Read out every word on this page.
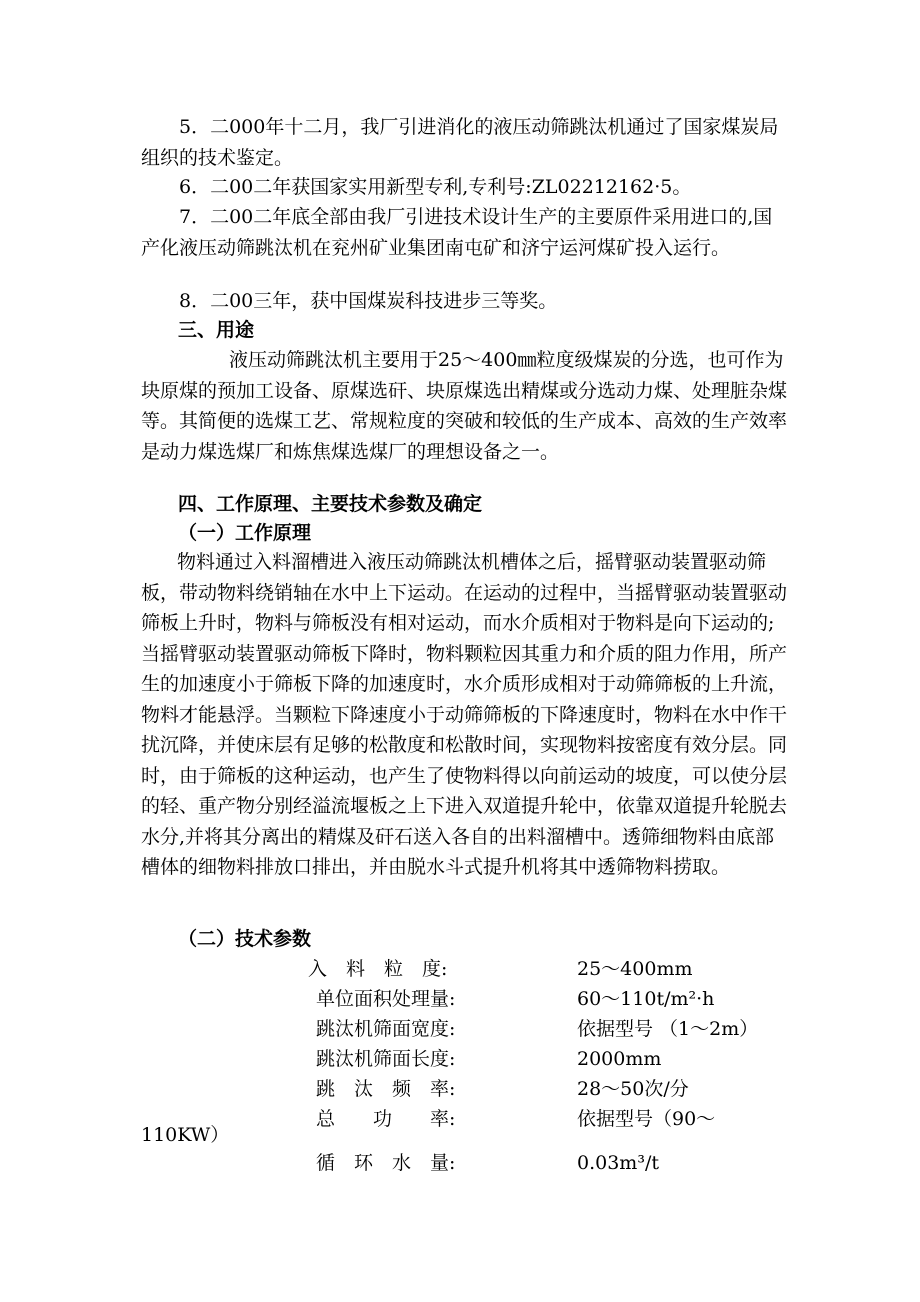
5．二000年十二月，我厂引进消化的液压动筛跳汰机通过了国家煤炭局组织的技术鉴定。

6．二00二年获国家实用新型专利,专利号:ZL02212162·5。

7．二00二年底全部由我厂引进技术设计生产的主要原件采用进口的,国产化液压动筛跳汰机在兖州矿业集团南屯矿和济宁运河煤矿投入运行。

8．二00三年，获中国煤炭科技进步三等奖。

三、用途

液压动筛跳汰机主要用于25～400㎜粒度级煤炭的分选，也可作为块原煤的预加工设备、原煤选矸、块原煤选出精煤或分选动力煤、处理脏杂煤等。其简便的选煤工艺、常规粒度的突破和较低的生产成本、高效的生产效率是动力煤选煤厂和炼焦煤选煤厂的理想设备之一。

四、工作原理、主要技术参数及确定
（一）工作原理

物料通过入料溜槽进入液压动筛跳汰机槽体之后，摇臂驱动装置驱动筛板，带动物料绕销轴在水中上下运动。在运动的过程中，当摇臂驱动装置驱动筛板上升时，物料与筛板没有相对运动，而水介质相对于物料是向下运动的;当摇臂驱动装置驱动筛板下降时，物料颗粒因其重力和介质的阻力作用，所产生的加速度小于筛板下降的加速度时，水介质形成相对于动筛筛板的上升流，物料才能悬浮。当颗粒下降速度小于动筛筛板的下降速度时，物料在水中作干扰沉降，并使床层有足够的松散度和松散时间，实现物料按密度有效分层。同时，由于筛板的这种运动，也产生了使物料得以向前运动的坡度，可以使分层的轻、重产物分别经溢流堰板之上下进入双道提升轮中，依靠双道提升轮脱去水分,并将其分离出的精煤及矸石送入各自的出料溜槽中。透筛细物料由底部槽体的细物料排放口排出，并由脱水斗式提升机将其中透筛物料捞取。

（二）技术参数
入　料　粒　度:	25～400mm
单位面积处理量:	60～110t/m²·h
跳汰机筛面宽度:	依据型号 （1～2m）
跳汰机筛面长度:	2000mm
跳　汰　频　率:	28～50次/分
总　　功　　率:	依据型号（90～
110KW）
循　环　水　量:	0.03m³/t
